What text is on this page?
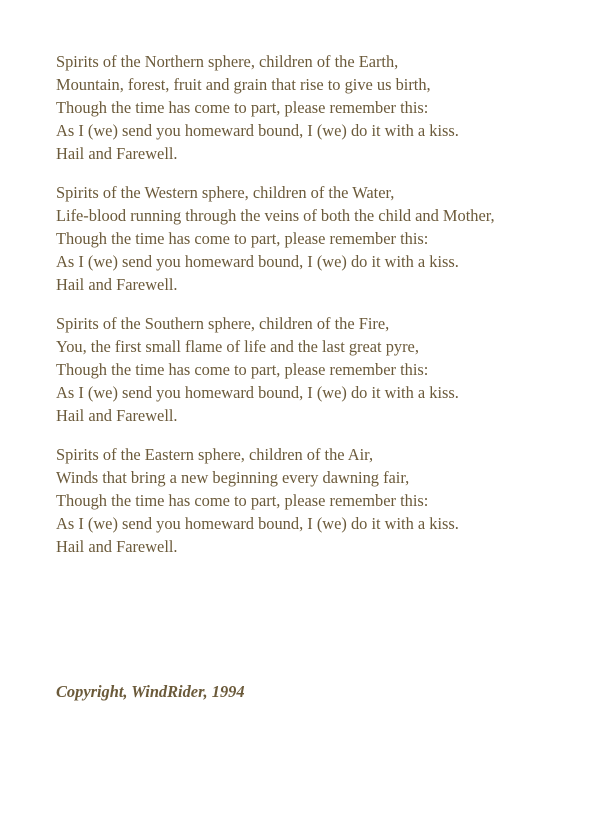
Spirits of the Northern sphere, children of the Earth,
Mountain, forest, fruit and grain that rise to give us birth,
Though the time has come to part, please remember this:
As I (we) send you homeward bound, I (we) do it with a kiss.
Hail and Farewell.
Spirits of the Western sphere, children of the Water,
Life-blood running through the veins of both the child and Mother,
Though the time has come to part, please remember this:
As I (we) send you homeward bound, I (we) do it with a kiss.
Hail and Farewell.
Spirits of the Southern sphere, children of the Fire,
You, the first small flame of life and the last great pyre,
Though the time has come to part, please remember this:
As I (we) send you homeward bound, I (we) do it with a kiss.
Hail and Farewell.
Spirits of the Eastern sphere, children of the Air,
Winds that bring a new beginning every dawning fair,
Though the time has come to part, please remember this:
As I (we) send you homeward bound, I (we) do it with a kiss.
Hail and Farewell.
Copyright, WindRider, 1994
